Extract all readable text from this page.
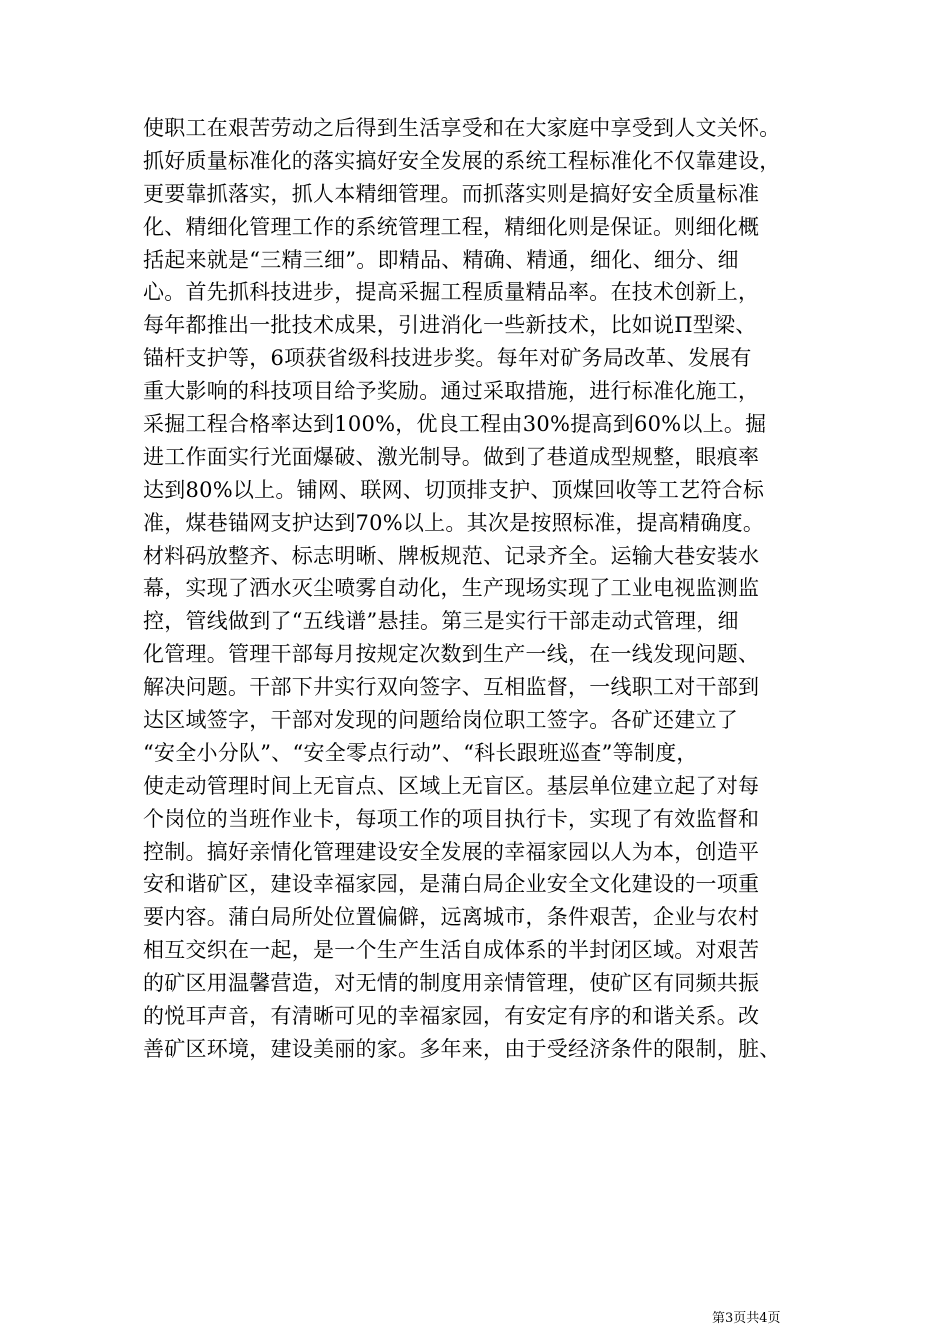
使职工在艰苦劳动之后得到生活享受和在大家庭中享受到人文关怀。
抓好质量标准化的落实搞好安全发展的系统工程标准化不仅靠建设，
更要靠抓落实，抓人本精细管理。而抓落实则是搞好安全质量标准
化、精细化管理工作的系统管理工程，精细化则是保证。则细化概
括起来就是“三精三细”。即精品、精确、精通，细化、细分、细
心。首先抓科技进步，提高采掘工程质量精品率。在技术创新上，
每年都推出一批技术成果，引进消化一些新技术，比如说Π型梁、
锚杆支护等，6项获省级科技进步奖。每年对矿务局改革、发展有
重大影响的科技项目给予奖励。通过采取措施，进行标准化施工，
采掘工程合格率达到100%，优良工程由30%提高到60%以上。掘
进工作面实行光面爆破、激光制导。做到了巷道成型规整，眼痕率
达到80%以上。铺网、联网、切顶排支护、顶煤回收等工艺符合标
准，煤巷锚网支护达到70%以上。其次是按照标准，提高精确度。
材料码放整齐、标志明晰、牌板规范、记录齐全。运输大巷安装水
幕，实现了洒水灭尘喷雾自动化，生产现场实现了工业电视监测监
控，管线做到了“五线谱”悬挂。第三是实行干部走动式管理，细
化管理。管理干部每月按规定次数到生产一线，在一线发现问题、
解决问题。干部下井实行双向签字、互相监督，一线职工对干部到
达区域签字，干部对发现的问题给岗位职工签字。各矿还建立了
“安全小分队”、“安全零点行动”、“科长跟班巡查”等制度，
使走动管理时间上无盲点、区域上无盲区。基层单位建立起了对每
个岗位的当班作业卡，每项工作的项目执行卡，实现了有效监督和
控制。搞好亲情化管理建设安全发展的幸福家园以人为本，创造平
安和谐矿区，建设幸福家园，是蒲白局企业安全文化建设的一项重
要内容。蒲白局所处位置偏僻，远离城市，条件艰苦，企业与农村
相互交织在一起，是一个生产生活自成体系的半封闭区域。对艰苦
的矿区用温馨营造，对无情的制度用亲情管理，使矿区有同频共振
的悦耳声音，有清晰可见的幸福家园，有安定有序的和谐关系。改
善矿区环境，建设美丽的家。多年来，由于受经济条件的限制，脏、
第3页共4页
